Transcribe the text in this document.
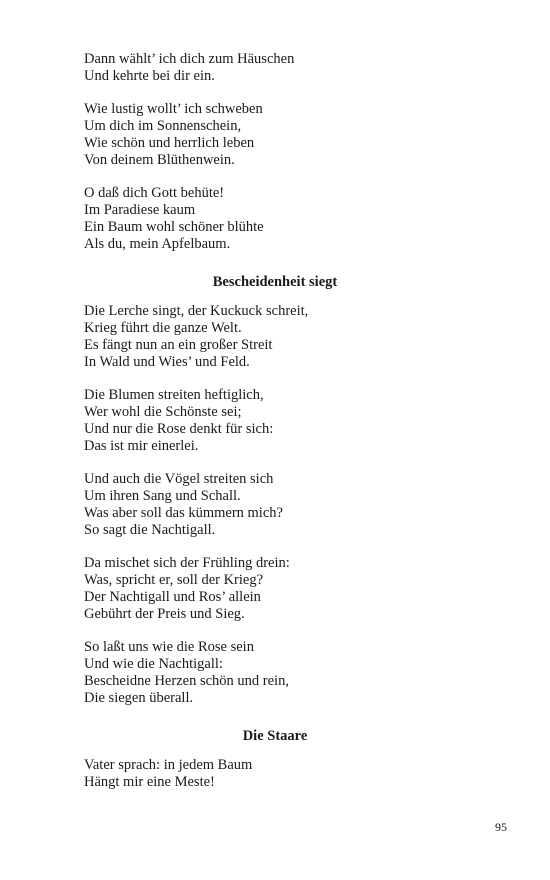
Dann wählt’ ich dich zum Häuschen
Und kehrte bei dir ein.
Wie lustig wollt’ ich schweben
Um dich im Sonnenschein,
Wie schön und herrlich leben
Von deinem Blüthenwein.
O daß dich Gott behüte!
Im Paradiese kaum
Ein Baum wohl schöner blühte
Als du, mein Apfelbaum.
Bescheidenheit siegt
Die Lerche singt, der Kuckuck schreit,
Krieg führt die ganze Welt.
Es fängt nun an ein großer Streit
In Wald und Wies’ und Feld.
Die Blumen streiten heftiglich,
Wer wohl die Schönste sei;
Und nur die Rose denkt für sich:
Das ist mir einerlei.
Und auch die Vögel streiten sich
Um ihren Sang und Schall.
Was aber soll das kümmern mich?
So sagt die Nachtigall.
Da mischet sich der Frühling drein:
Was, spricht er, soll der Krieg?
Der Nachtigall und Ros’ allein
Gebührt der Preis und Sieg.
So laßt uns wie die Rose sein
Und wie die Nachtigall:
Bescheidne Herzen schön und rein,
Die siegen überall.
Die Staare
Vater sprach: in jedem Baum
Hängt mir eine Meste!
95
